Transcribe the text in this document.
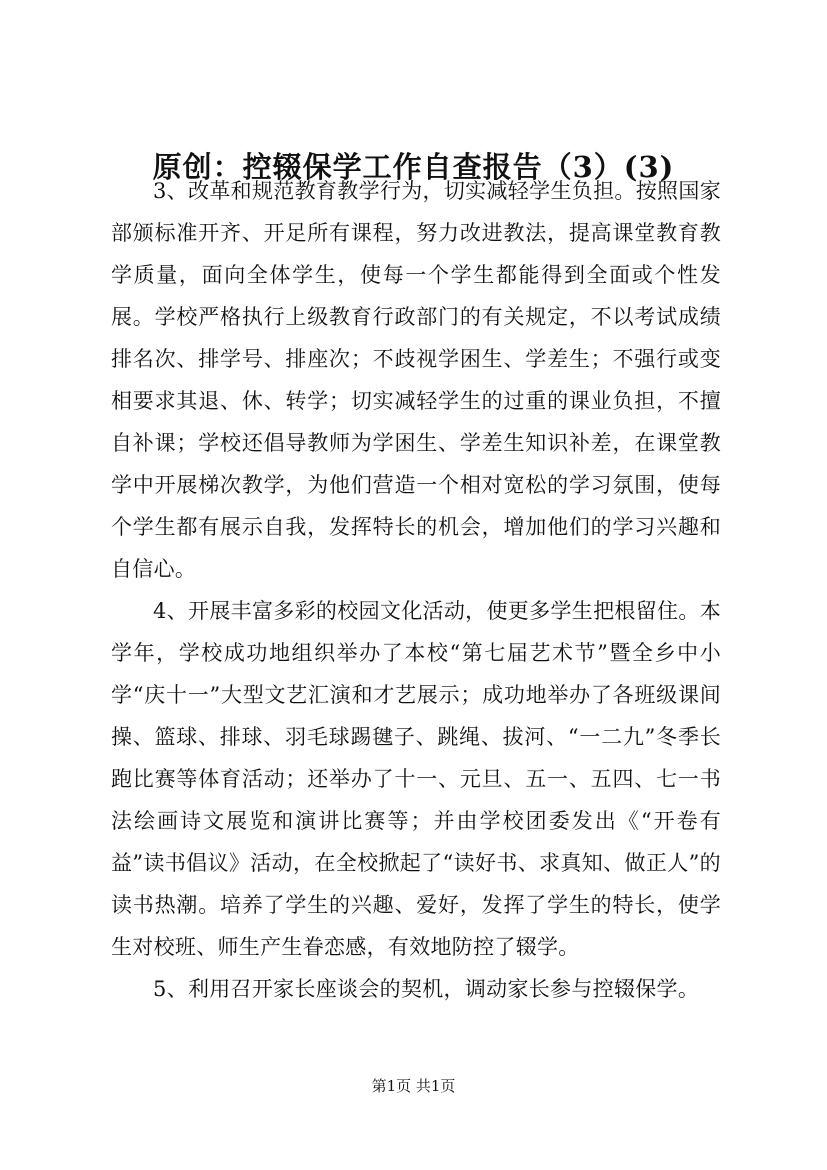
原创：控辍保学工作自查报告（3）(3)

3、改革和规范教育教学行为，切实减轻学生负担。按照国家部颁标准开齐、开足所有课程，努力改进教法，提高课堂教育教学质量，面向全体学生，使每一个学生都能得到全面或个性发展。学校严格执行上级教育行政部门的有关规定，不以考试成绩排名次、排学号、排座次；不歧视学困生、学差生；不强行或变相要求其退、休、转学；切实减轻学生的过重的课业负担，不擅自补课；学校还倡导教师为学困生、学差生知识补差，在课堂教学中开展梯次教学，为他们营造一个相对宽松的学习氛围，使每个学生都有展示自我，发挥特长的机会，增加他们的学习兴趣和自信心。

4、开展丰富多彩的校园文化活动，使更多学生把根留住。本学年，学校成功地组织举办了本校“第七届艺术节”暨全乡中小学“庆十一”大型文艺汇演和才艺展示；成功地举办了各班级课间操、篮球、排球、羽毛球踢毽子、跳绳、拔河、“一二九”冬季长跑比赛等体育活动；还举办了十一、元旦、五一、五四、七一书法绘画诗文展览和演讲比赛等；并由学校团委发出《“开卷有益”读书倡议》活动，在全校掀起了“读好书、求真知、做正人”的读书热潮。培养了学生的兴趣、爱好，发挥了学生的特长，使学生对校班、师生产生眷恋感，有效地防控了辍学。

5、利用召开家长座谈会的契机，调动家长参与控辍保学。

第1页 共1页
